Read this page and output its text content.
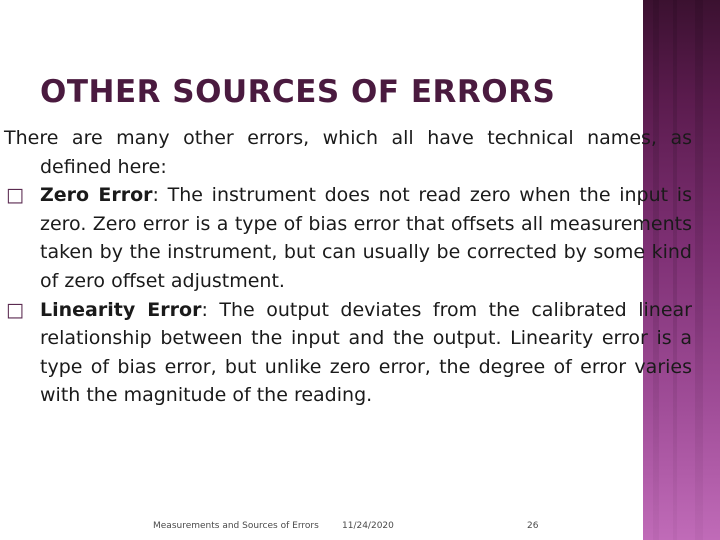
OTHER SOURCES OF ERRORS

There are many other errors, which all have technical names, as defined here:

□ Zero Error: The instrument does not read zero when the input is zero. Zero error is a type of bias error that offsets all measurements taken by the instrument, but can usually be corrected by some kind of zero offset adjustment.

□ Linearity Error: The output deviates from the calibrated linear relationship between the input and the output. Linearity error is a type of bias error, but unlike zero error, the degree of error varies with the magnitude of the reading.

Measurements and Sources of Errors	11/24/2020	26
